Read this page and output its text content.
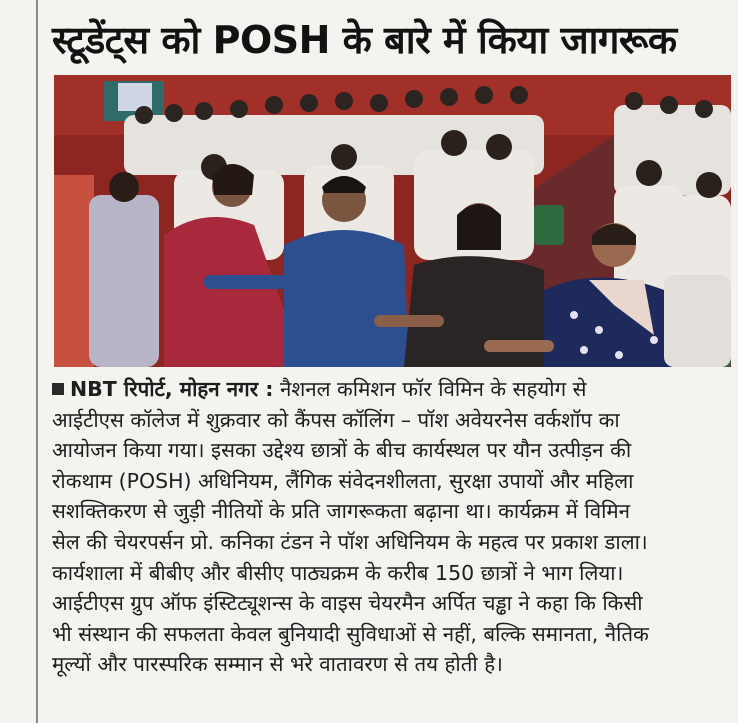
स्टूडेंट्स को POSH के बारे में किया जागरूक
NBT रिपोर्ट, मोहन नगर : नैशनल कमिशन फॉर विमिन के सहयोग से
आईटीएस कॉलेज में शुक्रवार को कैंपस कॉलिंग – पॉश अवेयरनेस वर्कशॉप का
आयोजन किया गया। इसका उद्देश्य छात्रों के बीच कार्यस्थल पर यौन उत्पीड़न की
रोकथाम (POSH) अधिनियम, लैंगिक संवेदनशीलता, सुरक्षा उपायों और महिला
सशक्तिकरण से जुड़ी नीतियों के प्रति जागरूकता बढ़ाना था। कार्यक्रम में विमिन
सेल की चेयरपर्सन प्रो. कनिका टंडन ने पॉश अधिनियम के महत्व पर प्रकाश डाला।
कार्यशाला में बीबीए और बीसीए पाठ्यक्रम के करीब 150 छात्रों ने भाग लिया।
आईटीएस ग्रुप ऑफ इंस्टिट्यूशन्स के वाइस चेयरमैन अर्पित चड्ढा ने कहा कि किसी
भी संस्थान की सफलता केवल बुनियादी सुविधाओं से नहीं, बल्कि समानता, नैतिक
मूल्यों और पारस्परिक सम्मान से भरे वातावरण से तय होती है।
